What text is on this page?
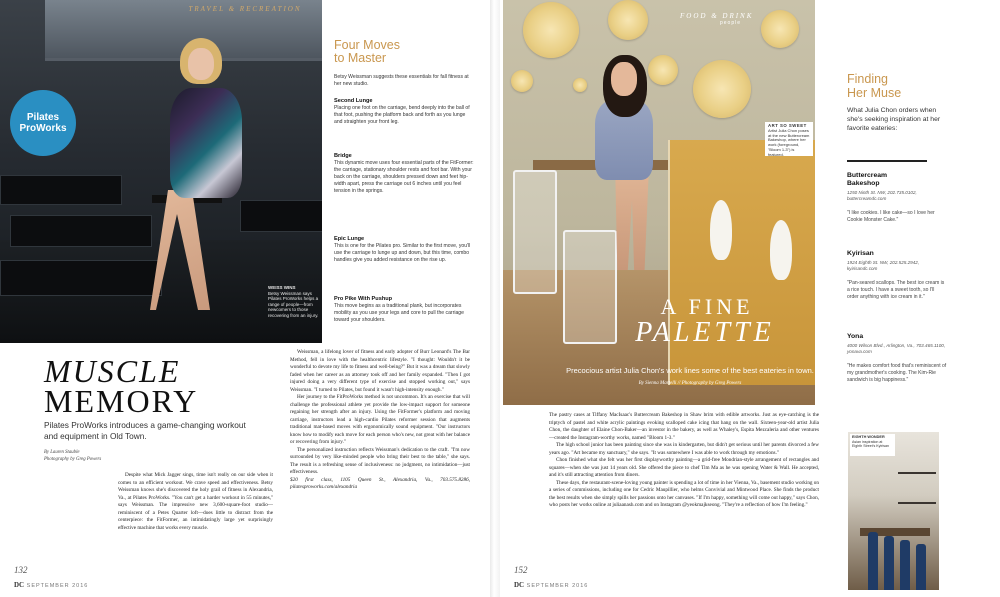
Pilates
ProWorks
WEISS WINS
Betsy Weissman says Pilates ProWorks helps a range of people—from newcomers to those recovering from an injury.
TRAVEL & RECREATION
Four Moves
to Master
Betsy Weissman suggests these essentials for fall fitness at her new studio.
Second Lunge
Placing one foot on the carriage, bend deeply into the ball of that foot, pushing the platform back and forth as you lunge and straighten your front leg.
Bridge
This dynamic move uses four essential parts of the FitFormer: the carriage, stationary shoulder rests and foot bar. With your back on the carriage, shoulders pressed down and feet hip-width apart, press the carriage out 6 inches until you feel tension in the springs.
Epic Lunge
This is one for the Pilates pro. Similar to the first move, you'll use the carriage to lunge up and down, but this time, combo handles give you added resistance on the rise up.
Pro Pike With Pushup
This move begins as a traditional plank, but incorporates mobility as you use your legs and core to pull the carriage toward your shoulders.
MUSCLE
MEMORY
Pilates ProWorks introduces a game-changing workout and equipment in Old Town.
By Lauren Stauble
Photography by Greg Powers

Despite what Mick Jagger sings, time isn't really on our side when it comes to an efficient workout. We crave speed and effectiveness. Betsy Weissman knows she's discovered the holy grail of fitness in Alexandria, Va., at Pilates ProWorks. "You can't get a harder workout in 55 minutes," says Weissman. The impressive new 3,600-square-foot studio—reminiscent of a Petes Quarter loft—does little to distract from the centerpiece: the FitFormer, an intimidatingly large yet surprisingly effective machine that works every muscle.

Weissman, a lifelong lover of fitness and early adopter of Burr Leonard's The Bar Method, fell in love with the healthcentric lifestyle. "I thought: Wouldn't it be wonderful to devote my life to fitness and well-being?" But it was a dream that slowly faded when her career as an attorney took off and her family expanded. "Then I got injured doing a very different type of exercise and stopped working out," says Weissman. "I turned to Pilates, but found it wasn't high-intensity enough."

Her journey to the FitProWorks method is not uncommon. It's an exercise that will challenge the professional athlete yet provide the low-impact support for someone regaining her strength after an injury. Using the FitFormer's platform and moving carriage, instructors lead a high-cardio Pilates reformer session that augments traditional mat-based moves with ergonomically sound equipment. "Our instructors know how to modify each move for each person who's new, not great with her balance or recovering from injury."

The personalized instruction reflects Weissman's dedication to the craft. "I'm now surrounded by very like-minded people who bring their best to the table," she says. The result is a refreshing sense of inclusiveness: no judgment, no intimidation—just effectiveness.

$20 first class, 1105 Queen St., Alexandria, Va., 703.575.8286, pilatesproworks.com/alexandria

132
DC SEPTEMBER 2016
FOOD & DRINK
people
ART SO SWEET
Artist Julia Chon poses at the new Buttercream Bakeshop, where her work (foreground, "Bloom 1-3") is featured.
A FINE
PALETTE
Precocious artist Julia Chon's work lines some of the best eateries in town.
By Sienna Martelli // Photography by Greg Powers

The pastry cases at Tiffany MacIsaac's Buttercream Bakeshop in Shaw brim with edible artworks. Just as eye-catching is the triptych of pastel and white acrylic paintings evoking scalloped cake icing that hang on the wall. Sixteen-year-old artist Julia Chon, the daughter of Elaine Chon-Baker—an investor in the bakery, as well as Whaley's, Espita Mezcaleria and other ventures—created the Instagram-worthy works, named "Bloom 1-3."

The high school junior has been painting since she was in kindergarten, but didn't get serious until her parents divorced a few years ago. "Art became my sanctuary," she says. "It was somewhere I was able to work through my emotions."

Chon finished what she felt was her first displayworthy painting—a grid-free Mondrian-style arrangement of rectangles and squares—when she was just 14 years old. She offered the piece to chef Tim Ma as he was opening Water & Wall. He accepted, and it's still attracting attention from diners.

These days, the restaurant-scene-loving young painter is spending a lot of time in her Vienna, Va., basement studio working on a series of commissions, including one for Cedric Maupillier, who helms Convivial and Mintwood Place. She finds the product the best results when she simply spills her passions onto her canvases. "If I'm happy, something will come out happy," says Chon, who posts her works online at juliaanash.com and on Instagram @yeokmajkseong. "They're a reflection of how I'm feeling."

Finding
Her Muse
What Julia Chon orders when she's seeking inspiration at her favorite eateries:
Buttercream
Bakeshop
1250 Ninth St. NW, 202.735.0102, buttercreamdc.com
"I like cookies. I like cake—so I love her Cookie Monster Cake."
Kyirisan
1924 Eighth St. NW, 202.525.2942, kyirisandc.com
"Pan-seared scallops. The best ice cream is a rice touch. I have a sweet tooth, so I'll order anything with ice cream in it."
Yona
4000 Wilson Blvd., Arlington, Va., 703.465.1100, yonava.com
"He makes comfort food that's reminiscent of my grandmother's cooking. The Kim-Rie sandwich is big happiness."
EIGHTH WONDER
Asian inspiration at Eighth Street's Kyirisan
152
DC SEPTEMBER 2016
